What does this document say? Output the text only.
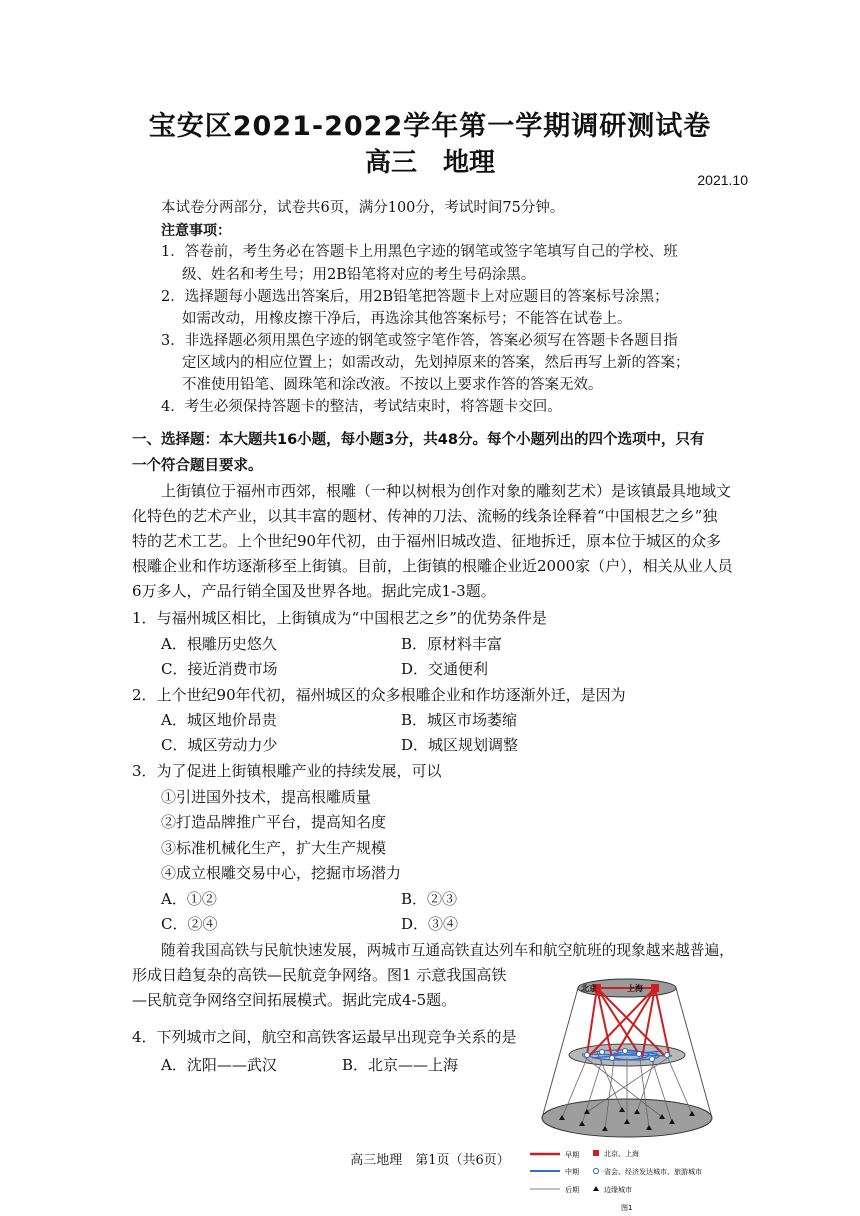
宝安区2021-2022学年第一学期调研测试卷
高三　地理
2021.10
本试卷分两部分，试卷共6页，满分100分，考试时间75分钟。
注意事项：
1．答卷前，考生务必在答题卡上用黑色字迹的钢笔或签字笔填写自己的学校、班
级、姓名和考生号；用2B铅笔将对应的考生号码涂黑。
2．选择题每小题选出答案后，用2B铅笔把答题卡上对应题目的答案标号涂黑；
如需改动，用橡皮擦干净后，再选涂其他答案标号；不能答在试卷上。
3．非选择题必须用黑色字迹的钢笔或签字笔作答，答案必须写在答题卡各题目指
定区域内的相应位置上；如需改动，先划掉原来的答案，然后再写上新的答案；
不准使用铅笔、圆珠笔和涂改液。不按以上要求作答的答案无效。
4．考生必须保持答题卡的整洁，考试结束时，将答题卡交回。
一、选择题：本大题共16小题，每小题3分，共48分。每个小题列出的四个选项中，只有
一个符合题目要求。
上街镇位于福州市西郊，根雕（一种以树根为创作对象的雕刻艺术）是该镇最具地域文
化特色的艺术产业，以其丰富的题材、传神的刀法、流畅的线条诠释着“中国根艺之乡”独
特的艺术工艺。上个世纪90年代初，由于福州旧城改造、征地拆迁，原本位于城区的众多
根雕企业和作坊逐渐移至上街镇。目前，上街镇的根雕企业近2000家（户），相关从业人员
6万多人，产品行销全国及世界各地。据此完成1-3题。
1．与福州城区相比，上街镇成为“中国根艺之乡”的优势条件是
A．根雕历史悠久	B．原材料丰富
C．接近消费市场	D．交通便利
2．上个世纪90年代初，福州城区的众多根雕企业和作坊逐渐外迁，是因为
A．城区地价昂贵	B．城区市场萎缩
C．城区劳动力少	D．城区规划调整
3．为了促进上街镇根雕产业的持续发展，可以
①引进国外技术，提高根雕质量
②打造品牌推广平台，提高知名度
③标准机械化生产，扩大生产规模
④成立根雕交易中心，挖掘市场潜力
A．①②	B．②③
C．②④	D．③④
随着我国高铁与民航快速发展，两城市互通高铁直达列车和航空航班的现象越来越普遍，
形成日趋复杂的高铁—民航竞争网络。图1 示意我国高铁
—民航竞争网络空间拓展模式。据此完成4-5题。
4．下列城市之间，航空和高铁客运最早出现竞争关系的是
A．沈阳——武汉	B．北京——上海
北京	上海
早期	北京、上海
中期	省会、经济发达城市、旅游城市
后期	边缘城市
图1
高三地理　第1页（共6页）
